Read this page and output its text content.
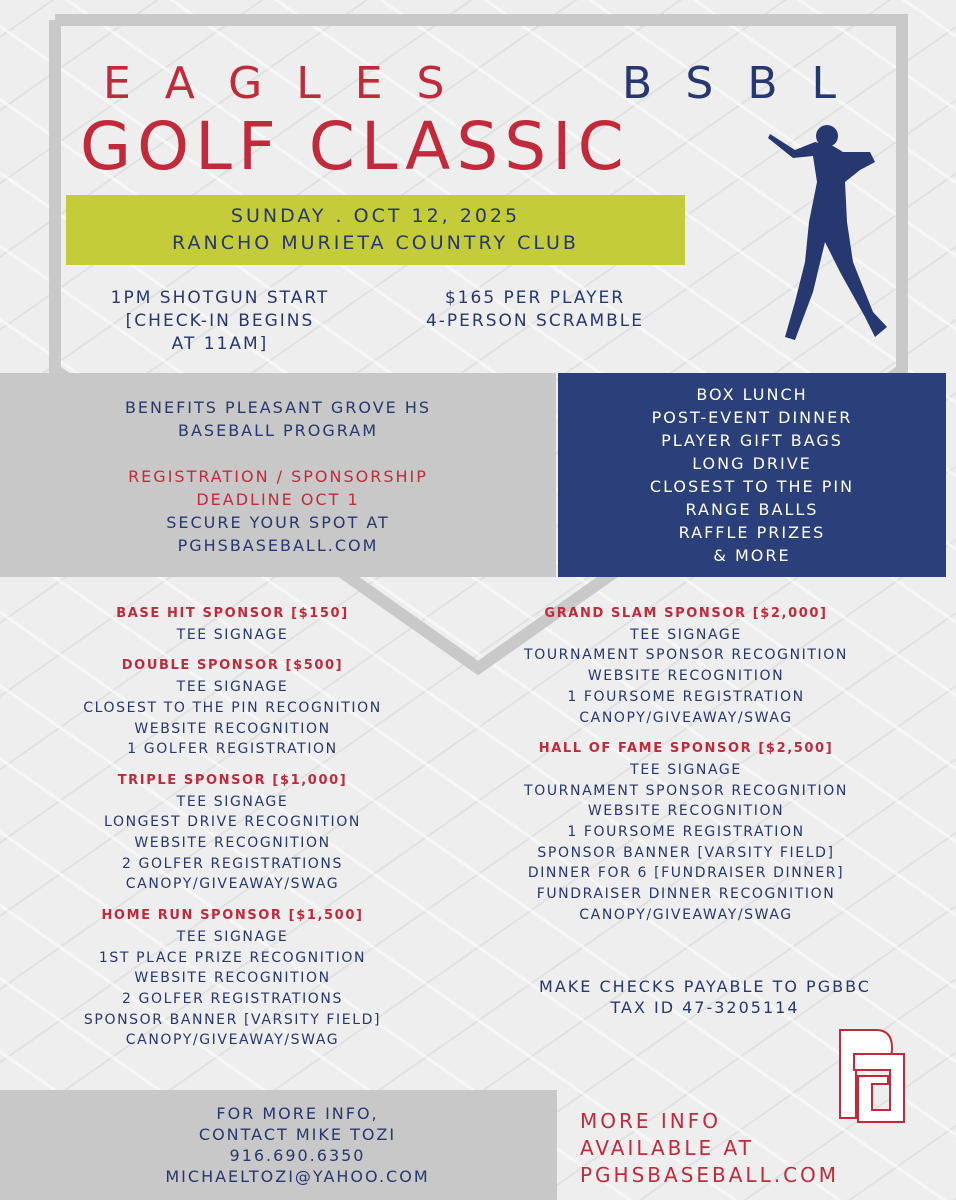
EAGLES	BSBL
GOLF CLASSIC
SUNDAY . OCT 12, 2025
RANCHO MURIETA COUNTRY CLUB
1PM SHOTGUN START
[CHECK-IN BEGINS
AT 11AM]
$165 PER PLAYER
4-PERSON SCRAMBLE
BENEFITS PLEASANT GROVE HS
BASEBALL PROGRAM
REGISTRATION / SPONSORSHIP
DEADLINE OCT 1
SECURE YOUR SPOT AT
PGHSBASEBALL.COM
BOX LUNCH
POST-EVENT DINNER
PLAYER GIFT BAGS
LONG DRIVE
CLOSEST TO THE PIN
RANGE BALLS
RAFFLE PRIZES
& MORE
BASE HIT SPONSOR [$150]
TEE SIGNAGE
DOUBLE SPONSOR [$500]
TEE SIGNAGE
CLOSEST TO THE PIN RECOGNITION
WEBSITE RECOGNITION
1 GOLFER REGISTRATION
TRIPLE SPONSOR [$1,000]
TEE SIGNAGE
LONGEST DRIVE RECOGNITION
WEBSITE RECOGNITION
2 GOLFER REGISTRATIONS
CANOPY/GIVEAWAY/SWAG
HOME RUN SPONSOR [$1,500]
TEE SIGNAGE
1ST PLACE PRIZE RECOGNITION
WEBSITE RECOGNITION
2 GOLFER REGISTRATIONS
SPONSOR BANNER [VARSITY FIELD]
CANOPY/GIVEAWAY/SWAG
GRAND SLAM SPONSOR [$2,000]
TEE SIGNAGE
TOURNAMENT SPONSOR RECOGNITION
WEBSITE RECOGNITION
1 FOURSOME REGISTRATION
CANOPY/GIVEAWAY/SWAG
HALL OF FAME SPONSOR [$2,500]
TEE SIGNAGE
TOURNAMENT SPONSOR RECOGNITION
WEBSITE RECOGNITION
1 FOURSOME REGISTRATION
SPONSOR BANNER [VARSITY FIELD]
DINNER FOR 6 [FUNDRAISER DINNER]
FUNDRAISER DINNER RECOGNITION
CANOPY/GIVEAWAY/SWAG
MAKE CHECKS PAYABLE TO PGBBC
TAX ID 47-3205114
FOR MORE INFO,
CONTACT MIKE TOZI
916.690.6350
MICHAELTOZI@YAHOO.COM
MORE INFO
AVAILABLE AT
PGHSBASEBALL.COM
